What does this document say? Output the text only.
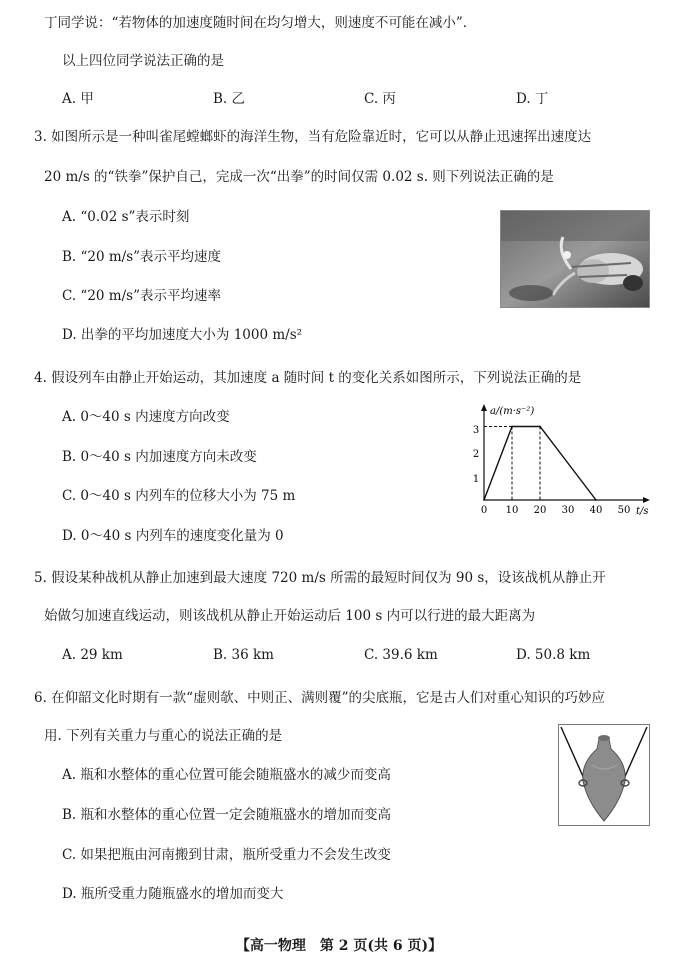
丁同学说：“若物体的加速度随时间在均匀增大，则速度不可能在减小”．
以上四位同学说法正确的是
A. 甲	B. 乙	C. 丙	D. 丁
3. 如图所示是一种叫雀尾螳螂虾的海洋生物，当有危险靠近时，它可以从静止迅速挥出速度达
20 m/s 的“铁拳”保护自己，完成一次“出拳”的时间仅需 0.02 s. 则下列说法正确的是
A. “0.02 s”表示时刻
B. “20 m/s”表示平均速度
C. “20 m/s”表示平均速率
D. 出拳的平均加速度大小为 1000 m/s²
4. 假设列车由静止开始运动，其加速度 a 随时间 t 的变化关系如图所示，下列说法正确的是
A. 0～40 s 内速度方向改变
B. 0～40 s 内加速度方向未改变
C. 0～40 s 内列车的位移大小为 75 m
D. 0～40 s 内列车的速度变化量为 0
a/(m·s⁻²)
t/s
0 10 20 30 40 50
1
2
3
5. 假设某种战机从静止加速到最大速度 720 m/s 所需的最短时间仅为 90 s，设该战机从静止开
始做匀加速直线运动，则该战机从静止开始运动后 100 s 内可以行进的最大距离为
A. 29 km	B. 36 km	C. 39.6 km	D. 50.8 km
6. 在仰韶文化时期有一款“虚则欹、中则正、满则覆”的尖底瓶，它是古人们对重心知识的巧妙应
用. 下列有关重力与重心的说法正确的是
A. 瓶和水整体的重心位置可能会随瓶盛水的减少而变高
B. 瓶和水整体的重心位置一定会随瓶盛水的增加而变高
C. 如果把瓶由河南搬到甘肃，瓶所受重力不会发生改变
D. 瓶所受重力随瓶盛水的增加而变大
【高一物理　第 2 页(共 6 页)】
